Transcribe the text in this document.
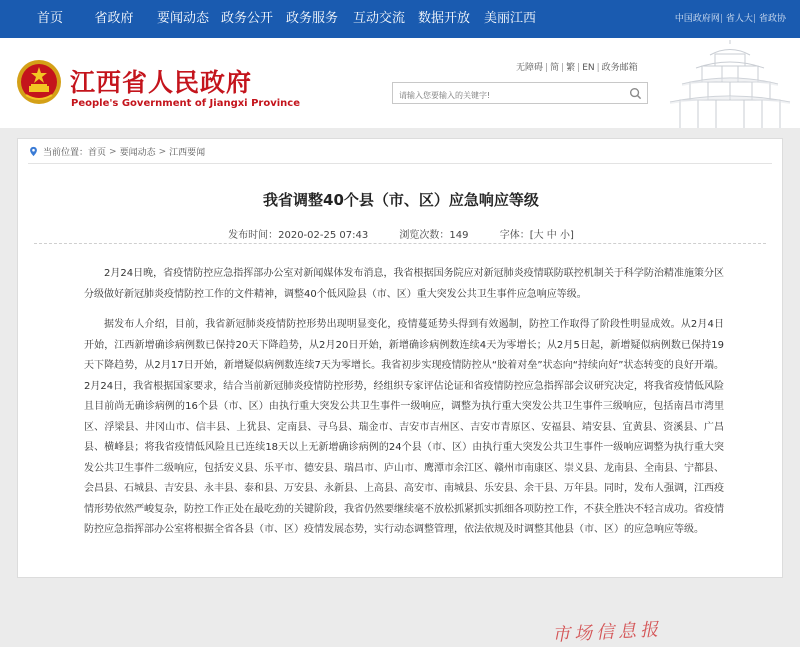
首页	省政府	要闻动态 政务公开 政务服务	互动交流 数据开放	美丽江西	中国政府网| 省人大| 省政协
江西省人民政府
People's Government of Jiangxi Province
无障碍 | 简 | 繁 | EN | 政务邮箱
请输入您要输入的关键字!
当前位置： 首页 > 要闻动态 > 江西要闻
我省调整40个县（市、区）应急响应等级
发布时间：2020-02-25 07:43	浏览次数：149	字体：[大 中 小]

2月24日晚，省疫情防控应急指挥部办公室对新闻媒体发布消息，我省根据国务院应对新冠肺炎疫情联防联控机制关于科学防治精准施策分区分级做好新冠肺炎疫情防控工作的文件精神，调整40个低风险县（市、区）重大突发公共卫生事件应急响应等级。

据发布人介绍，目前，我省新冠肺炎疫情防控形势出现明显变化，疫情蔓延势头得到有效遏制，防控工作取得了阶段性明显成效。从2月4日开始，江西新增确诊病例数已保持20天下降趋势，从2月20日开始，新增确诊病例数连续4天为零增长；从2月5日起，新增疑似病例数已保持19天下降趋势，从2月17日开始，新增疑似病例数连续7天为零增长。我省初步实现疫情防控从“胶着对垒”状态向“持续向好”状态转变的良好开端。2月24日，我省根据国家要求，结合当前新冠肺炎疫情防控形势，经组织专家评估论证和省疫情防控应急指挥部会议研究决定，将我省疫情低风险且目前尚无确诊病例的16个县（市、区）由执行重大突发公共卫生事件一级响应，调整为执行重大突发公共卫生事件三级响应，包括南昌市湾里区、浮梁县、井冈山市、信丰县、上犹县、定南县、寻乌县、瑞金市、吉安市吉州区、吉安市青原区、安福县、靖安县、宜黄县、资溪县、广昌县、横峰县；将我省疫情低风险且已连续18天以上无新增确诊病例的24个县（市、区）由执行重大突发公共卫生事件一级响应调整为执行重大突发公共卫生事件二级响应，包括安义县、乐平市、德安县、瑞昌市、庐山市、鹰潭市余江区、赣州市南康区、崇义县、龙南县、全南县、宁都县、会昌县、石城县、吉安县、永丰县、泰和县、万安县、永新县、上高县、高安市、南城县、乐安县、余干县、万年县。同时，发布人强调，江西疫情形势依然严峻复杂，防控工作正处在最吃劲的关键阶段，我省仍然要继续毫不放松抓紧抓实抓细各项防控工作，不获全胜决不轻言成功。省疫情防控应急指挥部办公室将根据全省各县（市、区）疫情发展态势，实行动态调整管理，依法依规及时调整其他县（市、区）的应急响应等级。

市场信息报
